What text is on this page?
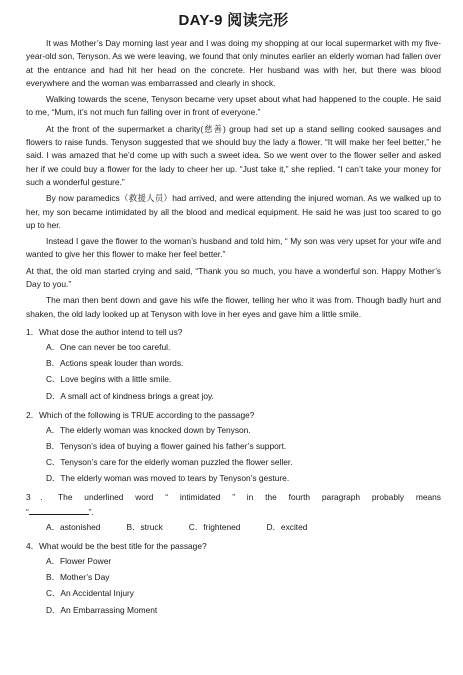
DAY-9 阅读完形

It was Mother’s Day morning last year and I was doing my shopping at our local supermarket with my five-year-old son, Tenyson. As we were leaving, we found that only minutes earlier an elderly woman had fallen over at the entrance and had hit her head on the concrete. Her husband was with her, but there was blood everywhere and the woman was embarrassed and clearly in shock.

Walking towards the scene, Tenyson became very upset about what had happened to the couple. He said to me, “Mum, it’s not much fun falling over in front of everyone.”

At the front of the supermarket a charity(慈善) group had set up a stand selling cooked sausages and flowers to raise funds. Tenyson suggested that we should buy the lady a flower. “It will make her feel better,” he said. I was amazed that he’d come up with such a sweet idea. So we went over to the flower seller and asked her if we could buy a flower for the lady to cheer her up. “Just take it,” she replied. “I can’t take your money for such a wonderful gesture.”

By now paramedics（救援人员）had arrived, and were attending the injured woman. As we walked up to her, my son became intimidated by all the blood and medical equipment. He said he was just too scared to go up to her.

Instead I gave the flower to the woman’s husband and told him, “ My son was very upset for your wife and wanted to give her this flower to make her feel better.”

At that, the old man started crying and said, “Thank you so much, you have a wonderful son. Happy Mother’s Day to you.”

The man then bent down and gave his wife the flower, telling her who it was from. Though badly hurt and shaken, the old lady looked up at Tenyson with love in her eyes and gave him a little smile.

1．What dose the author intend to tell us?

A．One can never be too careful.

B．Actions speak louder than words.

C．Love begins with a little smile.

D．A small act of kindness brings a great joy.

2．Which of the following is TRUE according to the passage?

A．The elderly woman was knocked down by Tenyson.

B．Tenyson’s idea of buying a flower gained his father’s support.

C．Tenyson’s care for the elderly woman puzzled the flower seller.

D．The elderly woman was moved to tears by Tenyson’s gesture.

3．The underlined word “ intimidated ” in the fourth paragraph probably means

“	”.

A．astonished	B．struck	C．frightened	D．excited

4．What would be the best title for the passage?

A．Flower Power

B．Mother’s Day

C．An Accidental Injury

D．An Embarrassing Moment
